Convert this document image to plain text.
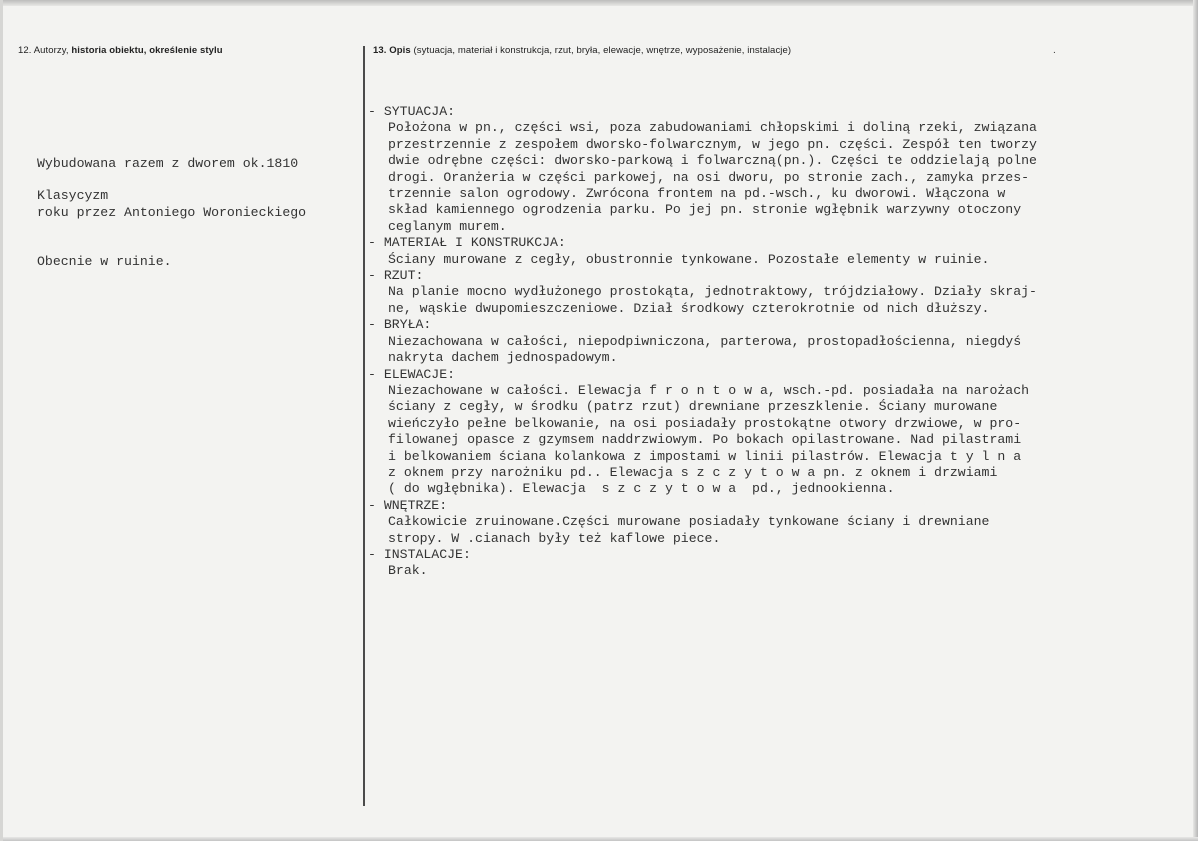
12. Autorzy, historia obiektu, określenie stylu	13. Opis (sytuacja, materiał i konstrukcja, rzut, bryła, elewacje, wnętrze, wyposażenie, instalacje)	.

Wybudowana razem z dworem ok.1810

roku przez Antoniego Woronieckiego

Obecnie w ruinie.

Klasycyzm
- SYTUACJA:
Położona w pn., części wsi, poza zabudowaniami chłopskimi i doliną rzeki, związana
przestrzennie z zespołem dworsko-folwarcznym, w jego pn. części. Zespół ten tworzy
dwie odrębne części: dworsko-parkową i folwarczną(pn.). Części te oddzielają polne
drogi. Oranżeria w części parkowej, na osi dworu, po stronie zach., zamyka przes-
trzennie salon ogrodowy. Zwrócona frontem na pd.-wsch., ku dworowi. Włączona w
skład kamiennego ogrodzenia parku. Po jej pn. stronie wgłębnik warzywny otoczony
ceglanym murem.
- MATERIAŁ I KONSTRUKCJA:
Ściany murowane z cegły, obustronnie tynkowane. Pozostałe elementy w ruinie.
- RZUT:
Na planie mocno wydłużonego prostokąta, jednotraktowy, trójdziałowy. Działy skraj-
ne, wąskie dwupomieszczeniowe. Dział środkowy czterokrotnie od nich dłuższy.
- BRYŁA:
Niezachowana w całości, niepodpiwniczona, parterowa, prostopadłościenna, niegdyś
nakryta dachem jednospadowym.
- ELEWACJE:
Niezachowane w całości. Elewacja f r o n t o w a, wsch.-pd. posiadała na narożach
ściany z cegły, w środku (patrz rzut) drewniane przeszklenie. Ściany murowane
wieńczyło pełne belkowanie, na osi posiadały prostokątne otwory drzwiowe, w pro-
filowanej opasce z gzymsem naddrzwiowym. Po bokach opilastrowane. Nad pilastrami
i belkowaniem ściana kolankowa z impostami w linii pilastrów. Elewacja t y l n a
z oknem przy narożniku pd.. Elewacja s z c z y t o w a pn. z oknem i drzwiami
( do wgłębnika). Elewacja  s z c z y t o w a  pd., jednookienna.
- WNĘTRZE:
Całkowicie zruinowane.Części murowane posiadały tynkowane ściany i drewniane
stropy. W .cianach były też kaflowe piece.
- INSTALACJE:
Brak.
